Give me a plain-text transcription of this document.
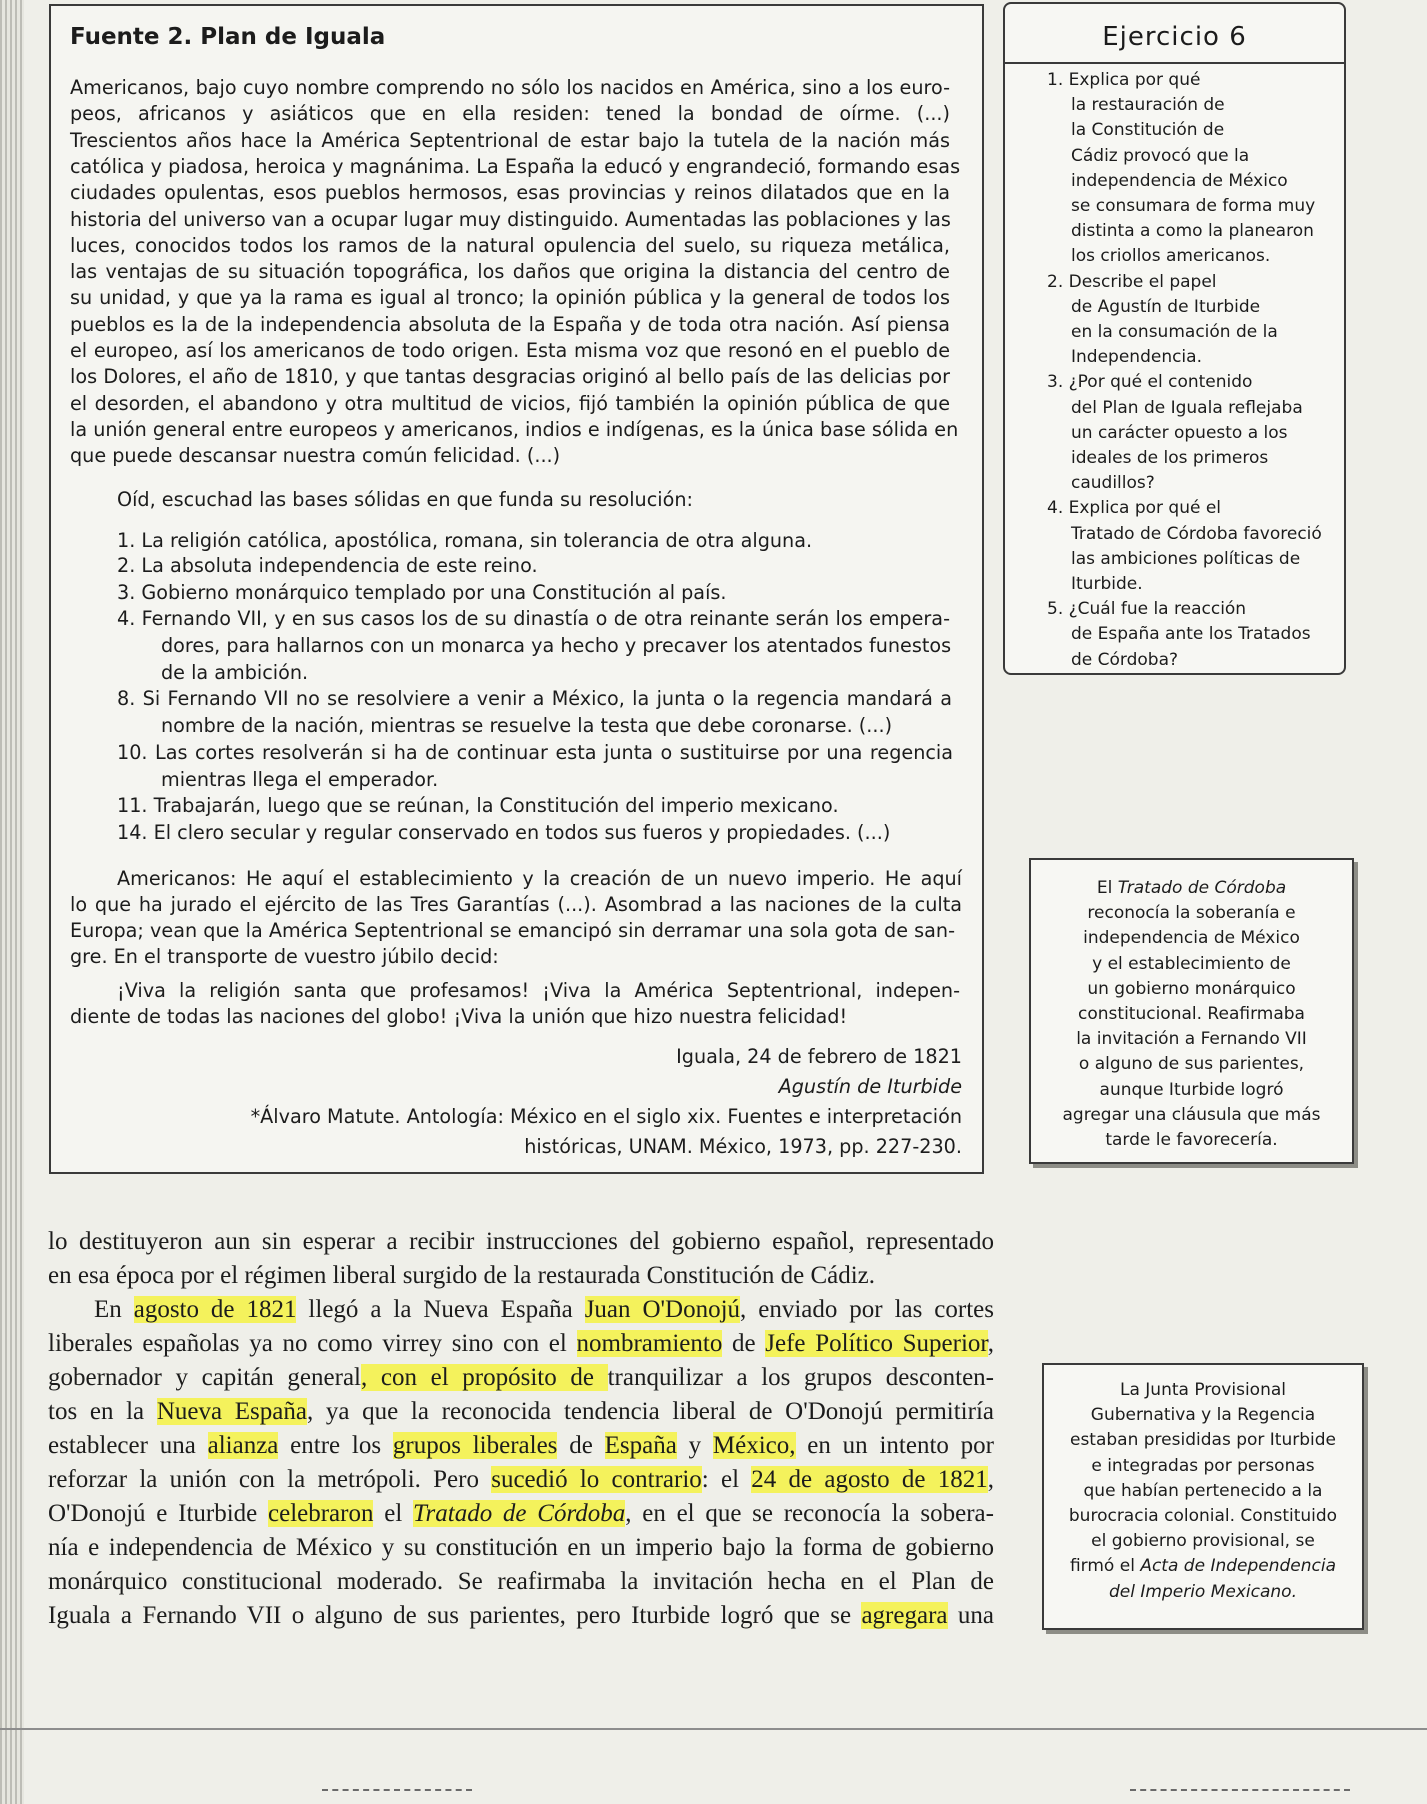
Fuente 2. Plan de Iguala
Americanos, bajo cuyo nombre comprendo no sólo los nacidos en América, sino a los euro-
peos, africanos y asiáticos que en ella residen: tened la bondad de oírme. (...)
Trescientos años hace la América Septentrional de estar bajo la tutela de la nación más
católica y piadosa, heroica y magnánima. La España la educó y engrandeció, formando esas
ciudades opulentas, esos pueblos hermosos, esas provincias y reinos dilatados que en la
historia del universo van a ocupar lugar muy distinguido. Aumentadas las poblaciones y las
luces, conocidos todos los ramos de la natural opulencia del suelo, su riqueza metálica,
las ventajas de su situación topográfica, los daños que origina la distancia del centro de
su unidad, y que ya la rama es igual al tronco; la opinión pública y la general de todos los
pueblos es la de la independencia absoluta de la España y de toda otra nación. Así piensa
el europeo, así los americanos de todo origen. Esta misma voz que resonó en el pueblo de
los Dolores, el año de 1810, y que tantas desgracias originó al bello país de las delicias por
el desorden, el abandono y otra multitud de vicios, fijó también la opinión pública de que
la unión general entre europeos y americanos, indios e indígenas, es la única base sólida en
que puede descansar nuestra común felicidad. (...)
Oíd, escuchad las bases sólidas en que funda su resolución:
1. La religión católica, apostólica, romana, sin tolerancia de otra alguna.
2. La absoluta independencia de este reino.
3. Gobierno monárquico templado por una Constitución al país.
4. Fernando VII, y en sus casos los de su dinastía o de otra reinante serán los empera-
dores, para hallarnos con un monarca ya hecho y precaver los atentados funestos
de la ambición.
8. Si Fernando VII no se resolviere a venir a México, la junta o la regencia mandará a
nombre de la nación, mientras se resuelve la testa que debe coronarse. (...)
10. Las cortes resolverán si ha de continuar esta junta o sustituirse por una regencia
mientras llega el emperador.
11. Trabajarán, luego que se reúnan, la Constitución del imperio mexicano.
14. El clero secular y regular conservado en todos sus fueros y propiedades. (...)
Americanos: He aquí el establecimiento y la creación de un nuevo imperio. He aquí
lo que ha jurado el ejército de las Tres Garantías (...). Asombrad a las naciones de la culta
Europa; vean que la América Septentrional se emancipó sin derramar una sola gota de san-
gre. En el transporte de vuestro júbilo decid:
¡Viva la religión santa que profesamos! ¡Viva la América Septentrional, indepen-
diente de todas las naciones del globo! ¡Viva la unión que hizo nuestra felicidad!
Iguala, 24 de febrero de 1821
Agustín de Iturbide
*Álvaro Matute. Antología: México en el siglo xix. Fuentes e interpretación
históricas, UNAM. México, 1973, pp. 227-230.
Ejercicio 6
1. Explica por qué
la restauración de
la Constitución de
Cádiz provocó que la
independencia de México
se consumara de forma muy
distinta a como la planearon
los criollos americanos.
2. Describe el papel
de Agustín de Iturbide
en la consumación de la
Independencia.
3. ¿Por qué el contenido
del Plan de Iguala reflejaba
un carácter opuesto a los
ideales de los primeros
caudillos?
4. Explica por qué el
Tratado de Córdoba favoreció
las ambiciones políticas de
Iturbide.
5. ¿Cuál fue la reacción
de España ante los Tratados
de Córdoba?
El Tratado de Córdoba
reconocía la soberanía e
independencia de México
y el establecimiento de
un gobierno monárquico
constitucional. Reafirmaba
la invitación a Fernando VII
o alguno de sus parientes,
aunque Iturbide logró
agregar una cláusula que más
tarde le favorecería.
La Junta Provisional
Gubernativa y la Regencia
estaban presididas por Iturbide
e integradas por personas
que habían pertenecido a la
burocracia colonial. Constituido
el gobierno provisional, se
firmó el Acta de Independencia
del Imperio Mexicano.
lo destituyeron aun sin esperar a recibir instrucciones del gobierno español, representado
en esa época por el régimen liberal surgido de la restaurada Constitución de Cádiz.
En agosto de 1821 llegó a la Nueva España Juan O'Donojú, enviado por las cortes
liberales españolas ya no como virrey sino con el nombramiento de Jefe Político Superior,
gobernador y capitán general, con el propósito de tranquilizar a los grupos desconten-
tos en la Nueva España, ya que la reconocida tendencia liberal de O'Donojú permitiría
establecer una alianza entre los grupos liberales de España y México, en un intento por
reforzar la unión con la metrópoli. Pero sucedió lo contrario: el 24 de agosto de 1821,
O'Donojú e Iturbide celebraron el Tratado de Córdoba, en el que se reconocía la sobera-
nía e independencia de México y su constitución en un imperio bajo la forma de gobierno
monárquico constitucional moderado. Se reafirmaba la invitación hecha en el Plan de
Iguala a Fernando VII o alguno de sus parientes, pero Iturbide logró que se agregara una
